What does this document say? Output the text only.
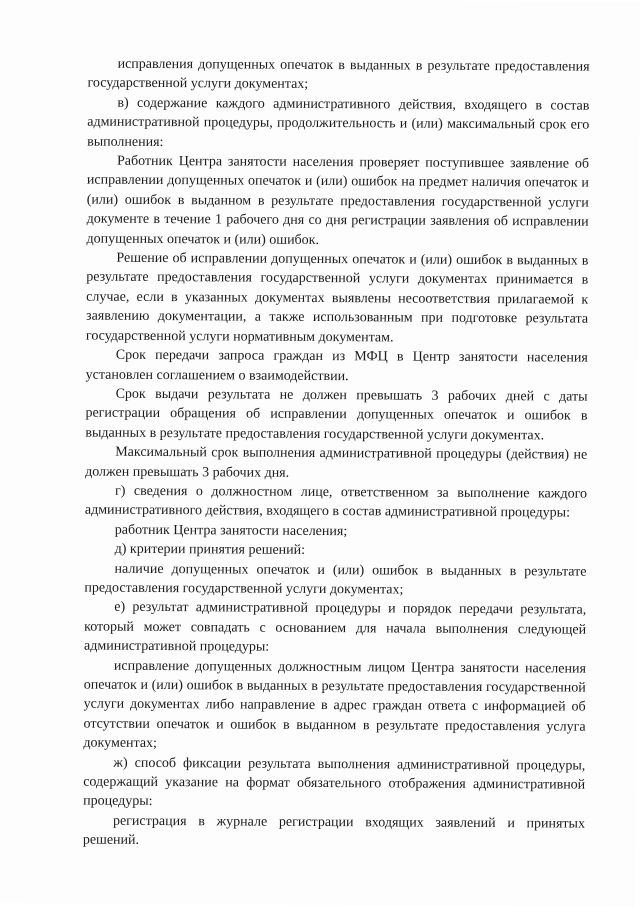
исправления допущенных опечаток в выданных в результате предоставления государственной услуги документах;

в) содержание каждого административного действия, входящего в состав административной процедуры, продолжительность и (или) максимальный срок его выполнения:

Работник Центра занятости населения проверяет поступившее заявление об исправлении допущенных опечаток и (или) ошибок на предмет наличия опечаток и (или) ошибок в выданном в результате предоставления государственной услуги документе в течение 1 рабочего дня со дня регистрации заявления об исправлении допущенных опечаток и (или) ошибок.

Решение об исправлении допущенных опечаток и (или) ошибок в выданных в результате предоставления государственной услуги документах принимается в случае, если в указанных документах выявлены несоответствия прилагаемой к заявлению документации, а также использованным при подготовке результата государственной услуги нормативным документам.

Срок передачи запроса граждан из МФЦ в Центр занятости населения установлен соглашением о взаимодействии.

Срок выдачи результата не должен превышать 3 рабочих дней с даты регистрации обращения об исправлении допущенных опечаток и ошибок в выданных в результате предоставления государственной услуги документах.

Максимальный срок выполнения административной процедуры (действия) не должен превышать 3 рабочих дня.

г) сведения о должностном лице, ответственном за выполнение каждого административного действия, входящего в состав административной процедуры:

работник Центра занятости населения;

д) критерии принятия решений:

наличие допущенных опечаток и (или) ошибок в выданных в результате предоставления государственной услуги документах;

е) результат административной процедуры и порядок передачи результата, который может совпадать с основанием для начала выполнения следующей административной процедуры:

исправление допущенных должностным лицом Центра занятости населения опечаток и (или) ошибок в выданных в результате предоставления государственной услуги документах либо направление в адрес граждан ответа с информацией об отсутствии опечаток и ошибок в выданном в результате предоставления услуга документах;

ж) способ фиксации результата выполнения административной процедуры, содержащий указание на формат обязательного отображения административной процедуры:

регистрация в журнале регистрации входящих заявлений и принятых решений.
